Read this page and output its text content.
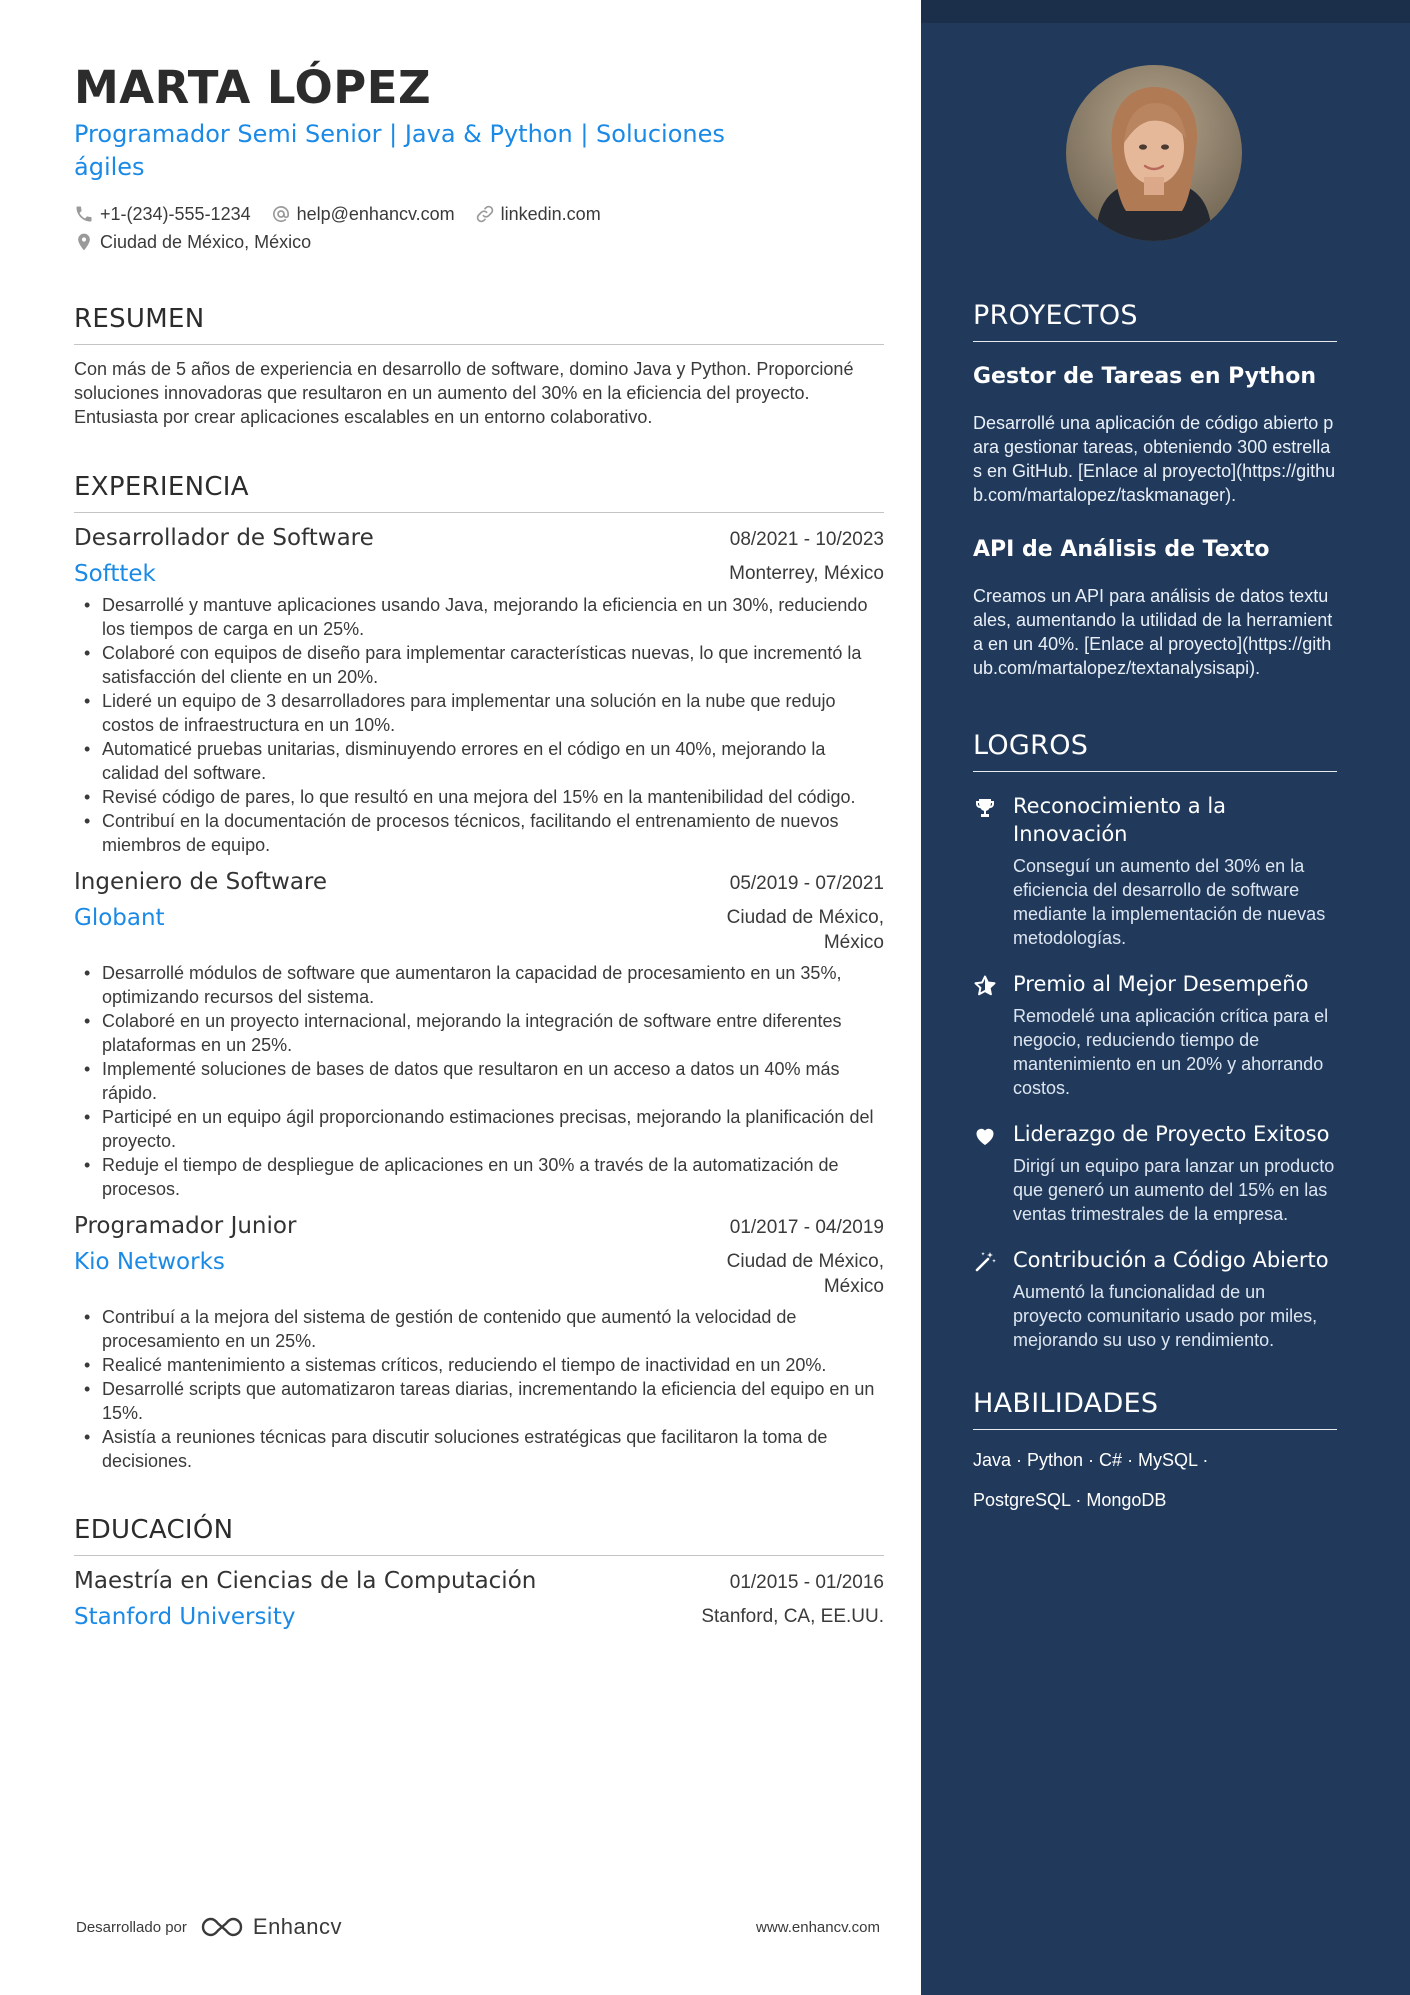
MARTA LÓPEZ
Programador Semi Senior | Java & Python | Soluciones ágiles
+1-(234)-555-1234	help@enhancv.com	linkedin.com
Ciudad de México, México
RESUMEN
Con más de 5 años de experiencia en desarrollo de software, domino Java y Python. Proporcioné soluciones innovadoras que resultaron en un aumento del 30% en la eficiencia del proyecto. Entusiasta por crear aplicaciones escalables en un entorno colaborativo.
EXPERIENCIA
Desarrollador de Software	08/2021 - 10/2023
Softtek	Monterrey, México
• Desarrollé y mantuve aplicaciones usando Java, mejorando la eficiencia en un 30%, reduciendo los tiempos de carga en un 25%.
• Colaboré con equipos de diseño para implementar características nuevas, lo que incrementó la satisfacción del cliente en un 20%.
• Lideré un equipo de 3 desarrolladores para implementar una solución en la nube que redujo costos de infraestructura en un 10%.
• Automaticé pruebas unitarias, disminuyendo errores en el código en un 40%, mejorando la calidad del software.
• Revisé código de pares, lo que resultó en una mejora del 15% en la mantenibilidad del código.
• Contribuí en la documentación de procesos técnicos, facilitando el entrenamiento de nuevos miembros de equipo.
Ingeniero de Software	05/2019 - 07/2021
Globant	Ciudad de México,
México
• Desarrollé módulos de software que aumentaron la capacidad de procesamiento en un 35%, optimizando recursos del sistema.
• Colaboré en un proyecto internacional, mejorando la integración de software entre diferentes plataformas en un 25%.
• Implementé soluciones de bases de datos que resultaron en un acceso a datos un 40% más rápido.
• Participé en un equipo ágil proporcionando estimaciones precisas, mejorando la planificación del proyecto.
• Reduje el tiempo de despliegue de aplicaciones en un 30% a través de la automatización de procesos.
Programador Junior	01/2017 - 04/2019
Kio Networks	Ciudad de México,
México
• Contribuí a la mejora del sistema de gestión de contenido que aumentó la velocidad de procesamiento en un 25%.
• Realicé mantenimiento a sistemas críticos, reduciendo el tiempo de inactividad en un 20%.
• Desarrollé scripts que automatizaron tareas diarias, incrementando la eficiencia del equipo en un 15%.
• Asistía a reuniones técnicas para discutir soluciones estratégicas que facilitaron la toma de decisiones.
EDUCACIÓN
Maestría en Ciencias de la Computación	01/2015 - 01/2016
Stanford University	Stanford, CA, EE.UU.
Desarrollado por	Enhancv	www.enhancv.com
PROYECTOS
Gestor de Tareas en Python
Desarrollé una aplicación de código abierto para gestionar tareas, obteniendo 300 estrellas en GitHub. [Enlace al proyecto](https://github.com/martalopez/taskmanager).
API de Análisis de Texto
Creamos un API para análisis de datos textuales, aumentando la utilidad de la herramienta en un 40%. [Enlace al proyecto](https://github.com/martalopez/textanalysisapi).
LOGROS
Reconocimiento a la Innovación
Conseguí un aumento del 30% en la eficiencia del desarrollo de software mediante la implementación de nuevas metodologías.
Premio al Mejor Desempeño
Remodelé una aplicación crítica para el negocio, reduciendo tiempo de mantenimiento en un 20% y ahorrando costos.
Liderazgo de Proyecto Exitoso
Dirigí un equipo para lanzar un producto que generó un aumento del 15% en las ventas trimestrales de la empresa.
Contribución a Código Abierto
Aumentó la funcionalidad de un proyecto comunitario usado por miles, mejorando su uso y rendimiento.
HABILIDADES
Java · Python · C# · MySQL ·
PostgreSQL · MongoDB
